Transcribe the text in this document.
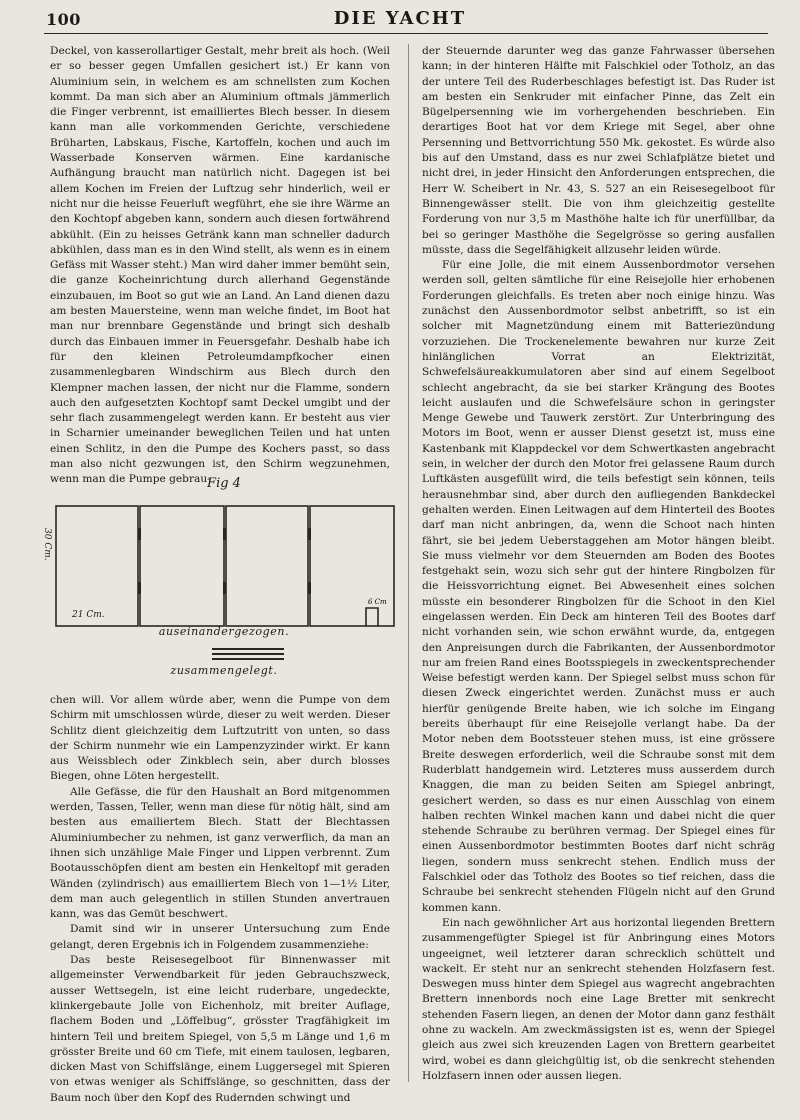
100	DIE YACHT

Deckel, von kasserollartiger Gestalt, mehr breit als hoch. (Weil er so besser gegen Umfallen gesichert ist.) Er kann von Aluminium sein, in welchem es am schnellsten zum Kochen kommt. Da man sich aber an Aluminium oftmals jämmerlich die Finger verbrennt, ist emailliertes Blech besser. In diesem kann man alle vorkommenden Gerichte, verschiedene Brüharten, Labskaus, Fische, Kartoffeln, kochen und auch im Wasserbade Konserven wärmen. Eine kardanische Aufhängung braucht man natürlich nicht. Dagegen ist bei allem Kochen im Freien der Luftzug sehr hinderlich, weil er nicht nur die heisse Feuerluft wegführt, ehe sie ihre Wärme an den Kochtopf abgeben kann, sondern auch diesen fortwährend abkühlt. (Ein zu heisses Getränk kann man schneller dadurch abkühlen, dass man es in den Wind stellt, als wenn es in einem Gefäss mit Wasser steht.) Man wird daher immer bemüht sein, die ganze Kocheinrichtung durch allerhand Gegenstände einzubauen, im Boot so gut wie an Land. An Land dienen dazu am besten Mauersteine, wenn man welche findet, im Boot hat man nur brennbare Gegenstände und bringt sich deshalb durch das Einbauen immer in Feuersgefahr. Deshalb habe ich für den kleinen Petroleumdampfkocher einen zusammenlegbaren Windschirm aus Blech durch den Klempner machen lassen, der nicht nur die Flamme, sondern auch den aufgesetzten Kochtopf samt Deckel umgibt und der sehr flach zusammengelegt werden kann. Er besteht aus vier in Scharnier umeinander beweglichen Teilen und hat unten einen Schlitz, in den die Pumpe des Kochers passt, so dass man also nicht gezwungen ist, den Schirm wegzunehmen, wenn man die Pumpe gebrau-

Fig 4
6 Cm
30 Cm.
21 Cm.
auseinandergezogen.
zusammengelegt.

chen will. Vor allem würde aber, wenn die Pumpe von dem Schirm mit umschlossen würde, dieser zu weit werden. Dieser Schlitz dient gleichzeitig dem Luftzutritt von unten, so dass der Schirm nunmehr wie ein Lampenzyzinder wirkt. Er kann aus Weissblech oder Zinkblech sein, aber durch blosses Biegen, ohne Löten hergestellt.

Alle Gefässe, die für den Haushalt an Bord mitgenommen werden, Tassen, Teller, wenn man diese für nötig hält, sind am besten aus emailiertem Blech. Statt der Blechtassen Aluminiumbecher zu nehmen, ist ganz verwerflich, da man an ihnen sich unzählige Male Finger und Lippen verbrennt. Zum Bootausschöpfen dient am besten ein Henkeltopf mit geraden Wänden (zylindrisch) aus emailliertem Blech von 1—1½ Liter, dem man auch gelegentlich in stillen Stunden anvertrauen kann, was das Gemüt beschwert.

Damit sind wir in unserer Untersuchung zum Ende gelangt, deren Ergebnis ich in Folgendem zusammenziehe:

Das beste Reisesegelboot für Binnenwasser mit allgemeinster Verwendbarkeit für jeden Gebrauchszweck, ausser Wettsegeln, ist eine leicht ruderbare, ungedeckte, klinkergebaute Jolle von Eichenholz, mit breiter Auflage, flachem Boden und „Löffelbug“, grösster Tragfähigkeit im hintern Teil und breitem Spiegel, von 5,5 m Länge und 1,6 m grösster Breite und 60 cm Tiefe, mit einem taulosen, legbaren, dicken Mast von Schiffslänge, einem Luggersegel mit Spieren von etwas weniger als Schiffslänge, so geschnitten, dass der Baum noch über den Kopf des Rudernden schwingt und

der Steuernde darunter weg das ganze Fahrwasser übersehen kann; in der hinteren Hälfte mit Falschkiel oder Totholz, an das der untere Teil des Ruderbeschlages befestigt ist. Das Ruder ist am besten ein Senkruder mit einfacher Pinne, das Zelt ein Bügelpersenning wie im vorhergehenden beschrieben. Ein derartiges Boot hat vor dem Kriege mit Segel, aber ohne Persenning und Bettvorrichtung 550 Mk. gekostet. Es würde also bis auf den Umstand, dass es nur zwei Schlafplätze bietet und nicht drei, in jeder Hinsicht den Anforderungen entsprechen, die Herr W. Scheibert in Nr. 43, S. 527 an ein Reisesegelboot für Binnengewässer stellt. Die von ihm gleichzeitig gestellte Forderung von nur 3,5 m Masthöhe halte ich für unerfüllbar, da bei so geringer Masthöhe die Segelgrösse so gering ausfallen müsste, dass die Segelfähigkeit allzusehr leiden würde.

Für eine Jolle, die mit einem Aussenbordmotor versehen werden soll, gelten sämtliche für eine Reisejolle hier erhobenen Forderungen gleichfalls. Es treten aber noch einige hinzu. Was zunächst den Aussenbordmotor selbst anbetrifft, so ist ein solcher mit Magnetzündung einem mit Batteriezündung vorzuziehen. Die Trockenelemente bewahren nur kurze Zeit hinlänglichen Vorrat an Elektrizität, Schwefelsäureakkumulatoren aber sind auf einem Segelboot schlecht angebracht, da sie bei starker Krängung des Bootes leicht auslaufen und die Schwefelsäure schon in geringster Menge Gewebe und Tauwerk zerstört. Zur Unterbringung des Motors im Boot, wenn er ausser Dienst gesetzt ist, muss eine Kastenbank mit Klappdeckel vor dem Schwertkasten angebracht sein, in welcher der durch den Motor frei gelassene Raum durch Luftkästen ausgefüllt wird, die teils befestigt sein können, teils herausnehmbar sind, aber durch den aufliegenden Bankdeckel gehalten werden. Einen Leitwagen auf dem Hinterteil des Bootes darf man nicht anbringen, da, wenn die Schoot nach hinten fährt, sie bei jedem Ueberstaggehen am Motor hängen bleibt. Sie muss vielmehr vor dem Steuernden am Boden des Bootes festgehakt sein, wozu sich sehr gut der hintere Ringbolzen für die Heissvorrichtung eignet. Bei Abwesenheit eines solchen müsste ein besonderer Ringbolzen für die Schoot in den Kiel eingelassen werden. Ein Deck am hinteren Teil des Bootes darf nicht vorhanden sein, wie schon erwähnt wurde, da, entgegen den Anpreisungen durch die Fabrikanten, der Aussenbordmotor nur am freien Rand eines Bootsspiegels in zweckentsprechender Weise befestigt werden kann. Der Spiegel selbst muss schon für diesen Zweck eingerichtet werden. Zunächst muss er auch hierfür genügende Breite haben, wie ich solche im Eingang bereits überhaupt für eine Reisejolle verlangt habe. Da der Motor neben dem Bootssteuer stehen muss, ist eine grössere Breite deswegen erforderlich, weil die Schraube sonst mit dem Ruderblatt handgemein wird. Letzteres muss ausserdem durch Knaggen, die man zu beiden Seiten am Spiegel anbringt, gesichert werden, so dass es nur einen Ausschlag von einem halben rechten Winkel machen kann und dabei nicht die quer stehende Schraube zu berühren vermag. Der Spiegel eines für einen Aussenbordmotor bestimmten Bootes darf nicht schräg liegen, sondern muss senkrecht stehen. Endlich muss der Falschkiel oder das Totholz des Bootes so tief reichen, dass die Schraube bei senkrecht stehenden Flügeln nicht auf den Grund kommen kann.

Ein nach gewöhnlicher Art aus horizontal liegenden Brettern zusammengefügter Spiegel ist für Anbringung eines Motors ungeeignet, weil letzterer daran schrecklich schüttelt und wackelt. Er steht nur an senkrecht stehenden Holzfasern fest. Deswegen muss hinter dem Spiegel aus wagrecht angebrachten Brettern innenbords noch eine Lage Bretter mit senkrecht stehenden Fasern liegen, an denen der Motor dann ganz festhält ohne zu wackeln. Am zweckmässigsten ist es, wenn der Spiegel gleich aus zwei sich kreuzenden Lagen von Brettern gearbeitet wird, wobei es dann gleichgültig ist, ob die senkrecht stehenden Holzfasern innen oder aussen liegen.
